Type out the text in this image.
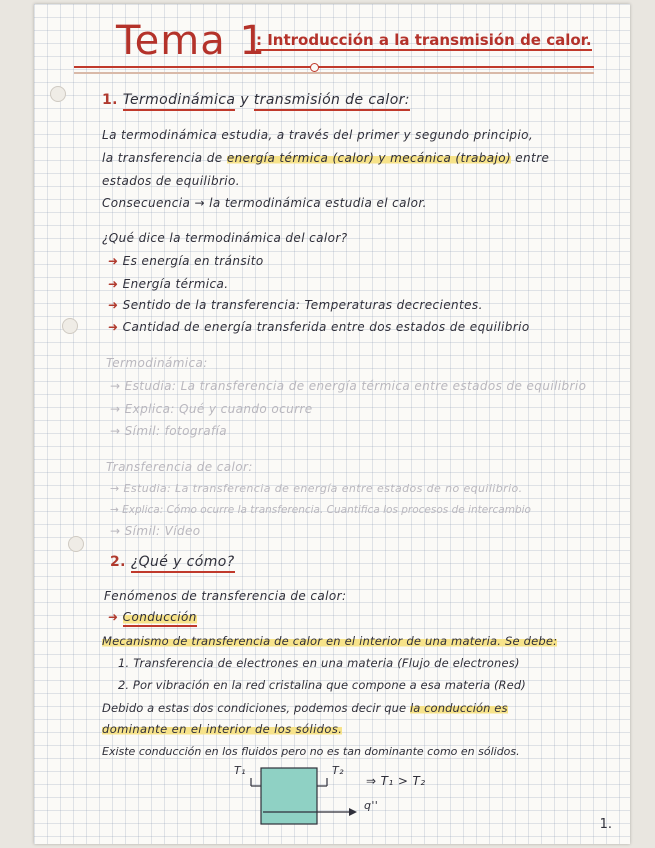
Tema 1
: Introducción a la transmisión de calor.
1. Termodinámica y transmisión de calor:
La termodinámica estudia, a través del primer y segundo principio,
la transferencia de energía térmica (calor) y mecánica (trabajo) entre
estados de equilibrio.
Consecuencia → la termodinámica estudia el calor.
¿Qué dice la termodinámica del calor?
➜ Es energía en tránsito
➜ Energía térmica.
➜ Sentido de la transferencia: Temperaturas decrecientes.
➜ Cantidad de energía transferida entre dos estados de equilibrio
Termodinámica:
→ Estudia: La transferencia de energía térmica entre estados de equilibrio
→ Explica: Qué y cuando ocurre
→ Símil: fotografía
Transferencia de calor:
→ Estudia: La transferencia de energía entre estados de no equilibrio.
→ Explica: Cómo ocurre la transferencia. Cuantifica los procesos de intercambio
→ Símil: Vídeo
2. ¿Qué y cómo?
Fenómenos de transferencia de calor:
➜ Conducción
Mecanismo de transferencia de calor en el interior de una materia. Se debe:
1. Transferencia de electrones en una materia (Flujo de electrones)
2. Por vibración en la red cristalina que compone a esa materia (Red)
Debido a estas dos condiciones, podemos decir que la conducción es
dominante en el interior de los sólidos.
Existe conducción en los fluidos pero no es tan dominante como en sólidos.
T₁	T₂
⇒ T₁ > T₂
q''
1.
